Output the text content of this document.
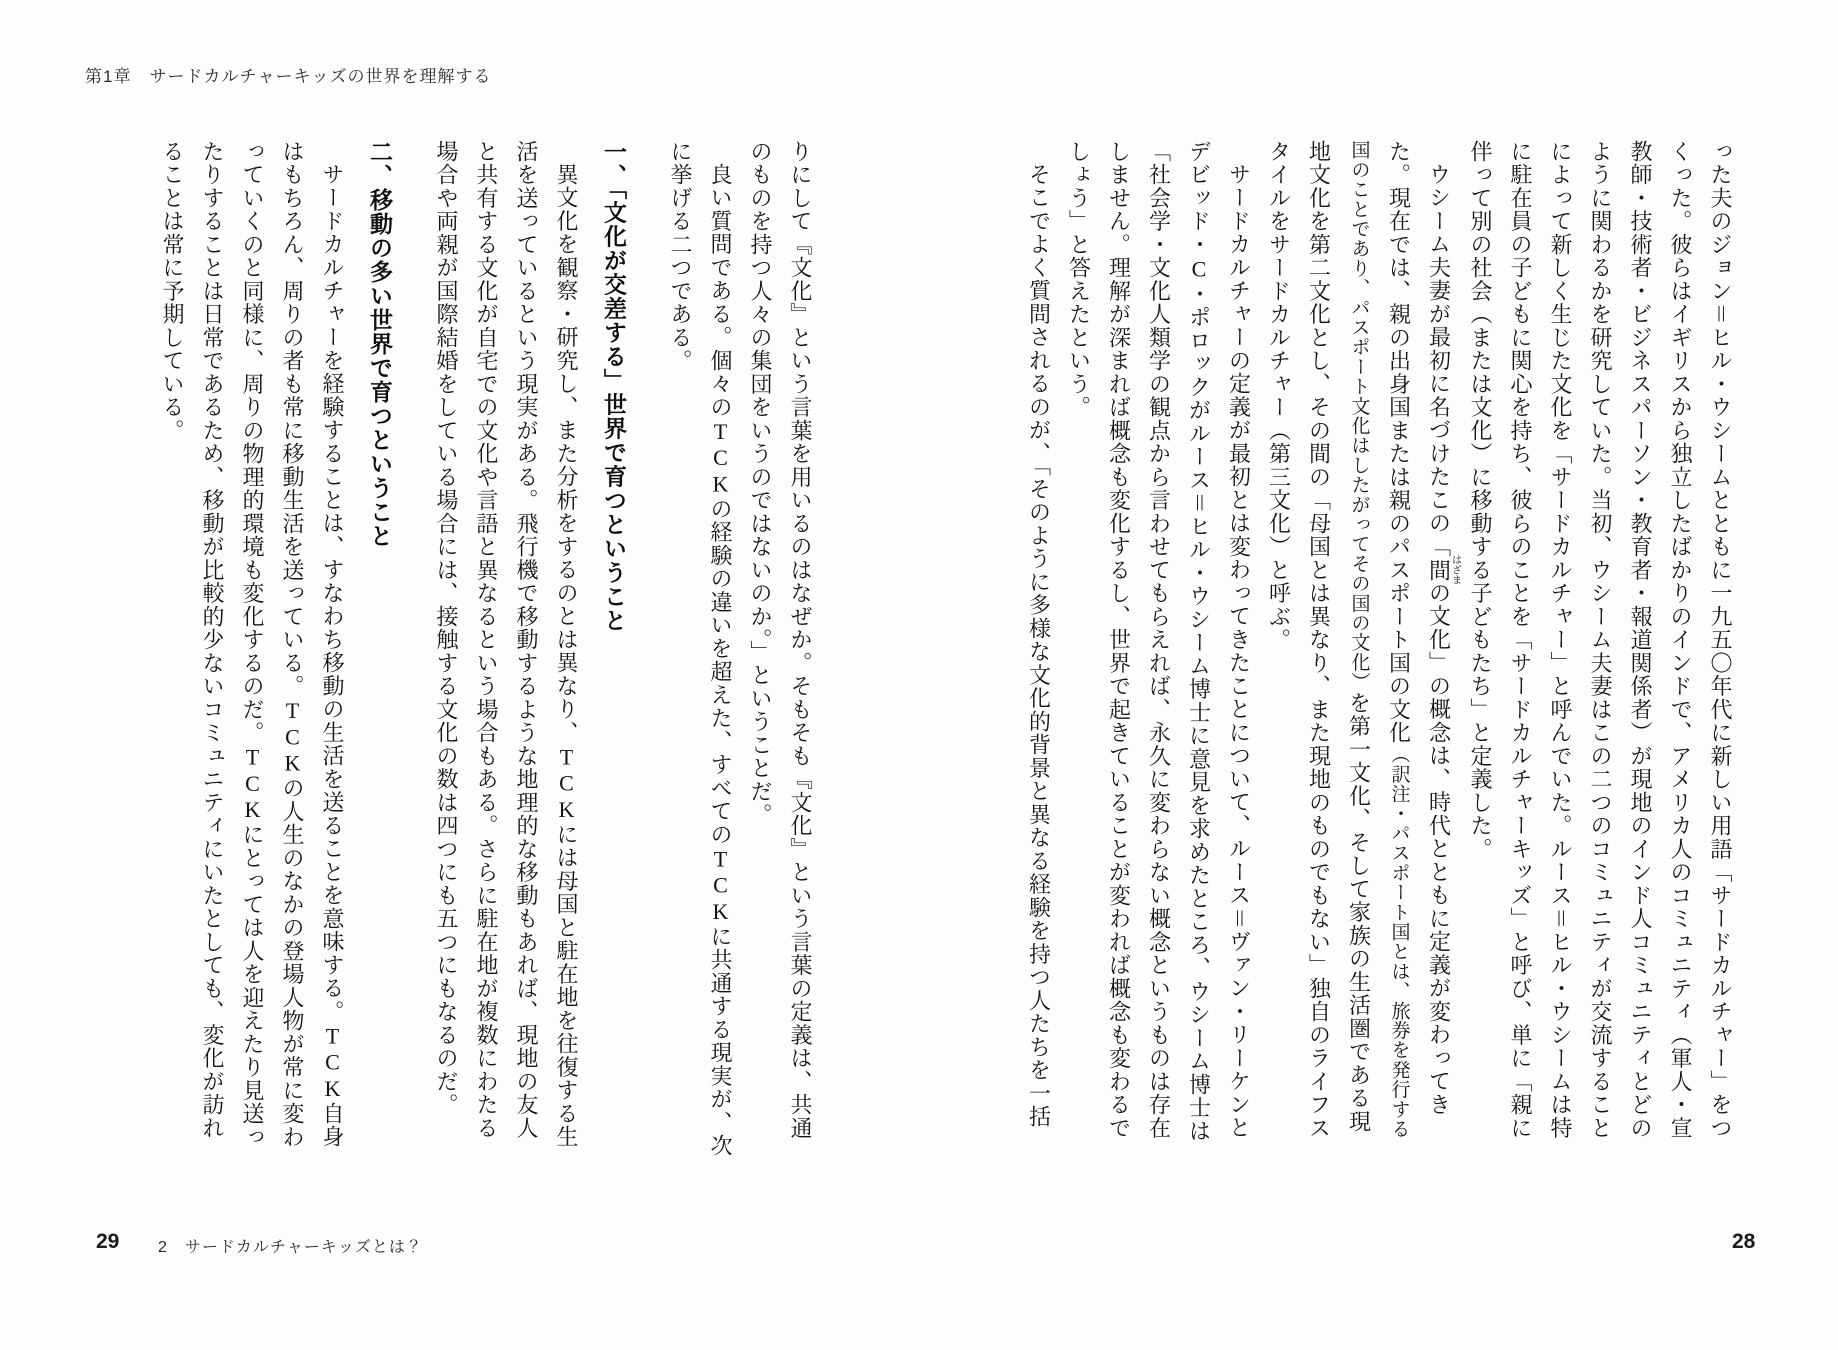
第1章　サードカルチャーキッズの世界を理解する

った夫のジョン＝ヒル・ウシームとともに一九五〇年代に新しい用語「サードカルチャー」をつ

くった。彼らはイギリスから独立したばかりのインドで、アメリカ人のコミュニティ（軍人・宣

教師・技術者・ビジネスパーソン・教育者・報道関係者）が現地のインド人コミュニティとどの

ように関わるかを研究していた。当初、ウシーム夫妻はこの二つのコミュニティが交流すること

によって新しく生じた文化を「サードカルチャー」と呼んでいた。ルース＝ヒル・ウシームは特

に駐在員の子どもに関心を持ち、彼らのことを「サードカルチャーキッズ」と呼び、単に「親に

伴って別の社会（または文化）に移動する子どもたち」と定義した。

ウシーム夫妻が最初に名づけたこの「間はざまの文化」の概念は、時代とともに定義が変わってき

た。現在では、親の出身国または親のパスポート国の文化（訳注・パスポート国とは、旅券を発行する

国のことであり、パスポート文化はしたがってその国の文化）を第一文化、そして家族の生活圏である現

地文化を第二文化とし、その間の「母国とは異なり、また現地のものでもない」独自のライフス

タイルをサードカルチャー（第三文化）と呼ぶ。

サードカルチャーの定義が最初とは変わってきたことについて、ルース＝ヴァン・リーケンと

デビッド・C・ポロックがルース＝ヒル・ウシーム博士に意見を求めたところ、ウシーム博士は

「社会学・文化人類学の観点から言わせてもらえれば、永久に変わらない概念というものは存在

しません。理解が深まれば概念も変化するし、世界で起きていることが変われば概念も変わるで

しょう」と答えたという。

そこでよく質問されるのが、「そのように多様な文化的背景と異なる経験を持つ人たちを一括

りにして『文化』という言葉を用いるのはなぜか。そもそも『文化』という言葉の定義は、共通

のものを持つ人々の集団をいうのではないのか。」ということだ。

良い質問である。個々のTCKの経験の違いを超えた、すべてのTCKに共通する現実が、次

に挙げる二つである。

一、「文化が交差する」世界で育つということ

異文化を観察・研究し、また分析をするのとは異なり、TCKには母国と駐在地を往復する生

活を送っているという現実がある。飛行機で移動するような地理的な移動もあれば、現地の友人

と共有する文化が自宅での文化や言語と異なるという場合もある。さらに駐在地が複数にわたる

場合や両親が国際結婚をしている場合には、接触する文化の数は四つにも五つにもなるのだ。

二、移動の多い世界で育つということ

サードカルチャーを経験することは、すなわち移動の生活を送ることを意味する。TCK自身

はもちろん、周りの者も常に移動生活を送っている。TCKの人生のなかの登場人物が常に変わ

っていくのと同様に、周りの物理的環境も変化するのだ。TCKにとっては人を迎えたり見送っ

たりすることは日常であるため、移動が比較的少ないコミュニティにいたとしても、変化が訪れ

ることは常に予期している。

29 2　サードカルチャーキッズとは？	28
